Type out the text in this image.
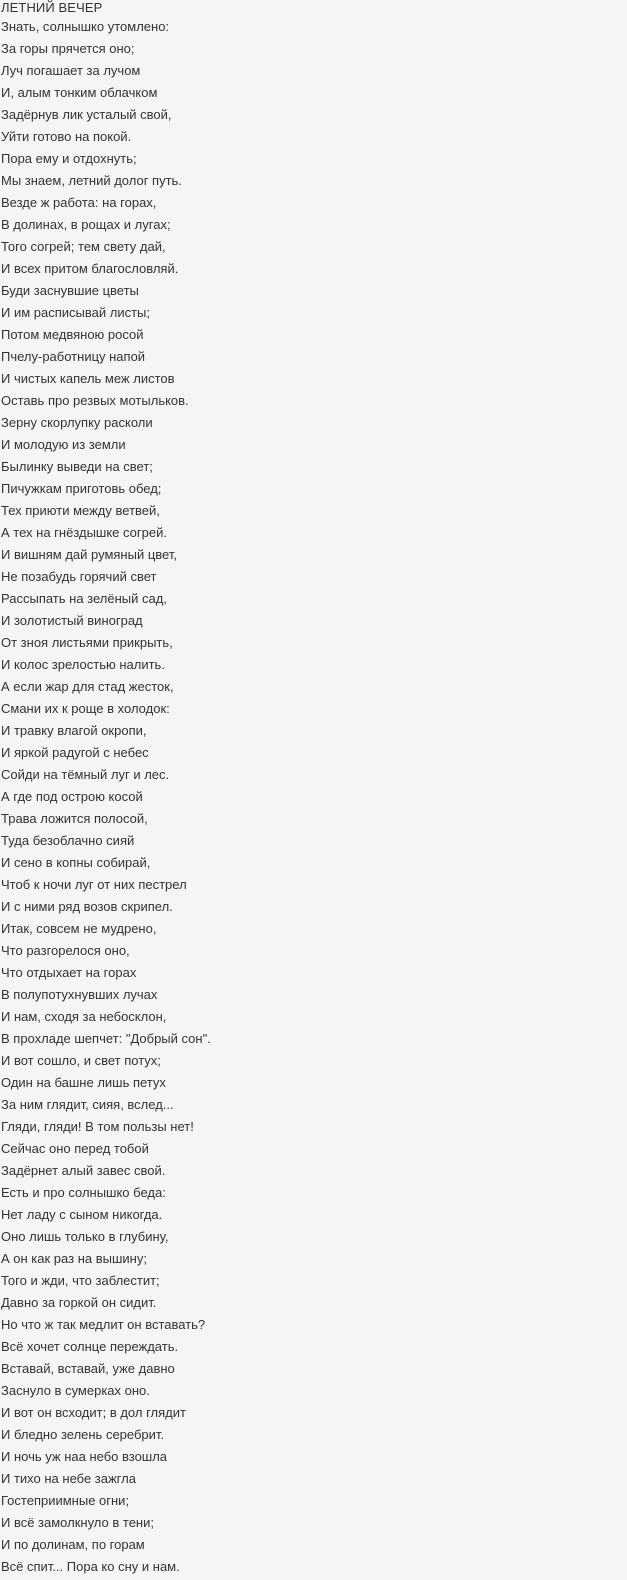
ЛЕТНИЙ ВЕЧЕР
Знать, солнышко утомлено:
За горы прячется оно;
Луч погашает за лучом
И, алым тонким облачком
Задёрнув лик усталый свой,
Уйти готово на покой.
Пора ему и отдохнуть;
Мы знаем, летний долог путь.
Везде ж работа: на горах,
В долинах, в рощах и лугах;
Того согрей; тем свету дай,
И всех притом благословляй.
Буди заснувшие цветы
И им расписывай листы;
Потом медвяною росой
Пчелу-работницу напой
И чистых капель меж листов
Оставь про резвых мотыльков.
Зерну скорлупку расколи
И молодую из земли
Былинку выведи на свет;
Пичужкам приготовь обед;
Тех приюти между ветвей,
А тех на гнёздышке согрей.
И вишням дай румяный цвет,
Не позабудь горячий свет
Рассыпать на зелёный сад,
И золотистый виноград
От зноя листьями прикрыть,
И колос зрелостью налить.
А если жар для стад жесток,
Смани их к роще в холодок:
И травку влагой окропи,
И яркой радугой с небес
Сойди на тёмный луг и лес.
А где под острою косой
Трава ложится полосой,
Туда безоблачно сияй
И сено в копны собирай,
Чтоб к ночи луг от них пестрел
И с ними ряд возов скрипел.
Итак, совсем не мудрено,
Что разгорелося оно,
Что отдыхает на горах
В полупотухнувших лучах
И нам, сходя за небосклон,
В прохладе шепчет: "Добрый сон".
И вот сошло, и свет потух;
Один на башне лишь петух
За ним глядит, сияя, вслед...
Гляди, гляди! В том пользы нет!
Сейчас оно перед тобой
Задёрнет алый завес свой.
Есть и про солнышко беда:
Нет ладу с сыном никогда.
Оно лишь только в глубину,
А он как раз на вышину;
Того и жди, что заблестит;
Давно за горкой он сидит.
Но что ж так медлит он вставать?
Всё хочет солнце переждать.
Вставай, вставай, уже давно
Заснуло в сумерках оно.
И вот он всходит; в дол глядит
И бледно зелень серебрит.
И ночь уж наа небо взошла
И тихо на небе зажгла
Гостеприимные огни;
И всё замолкнуло в тени;
И по долинам, по горам
Всё спит... Пора ко сну и нам.
